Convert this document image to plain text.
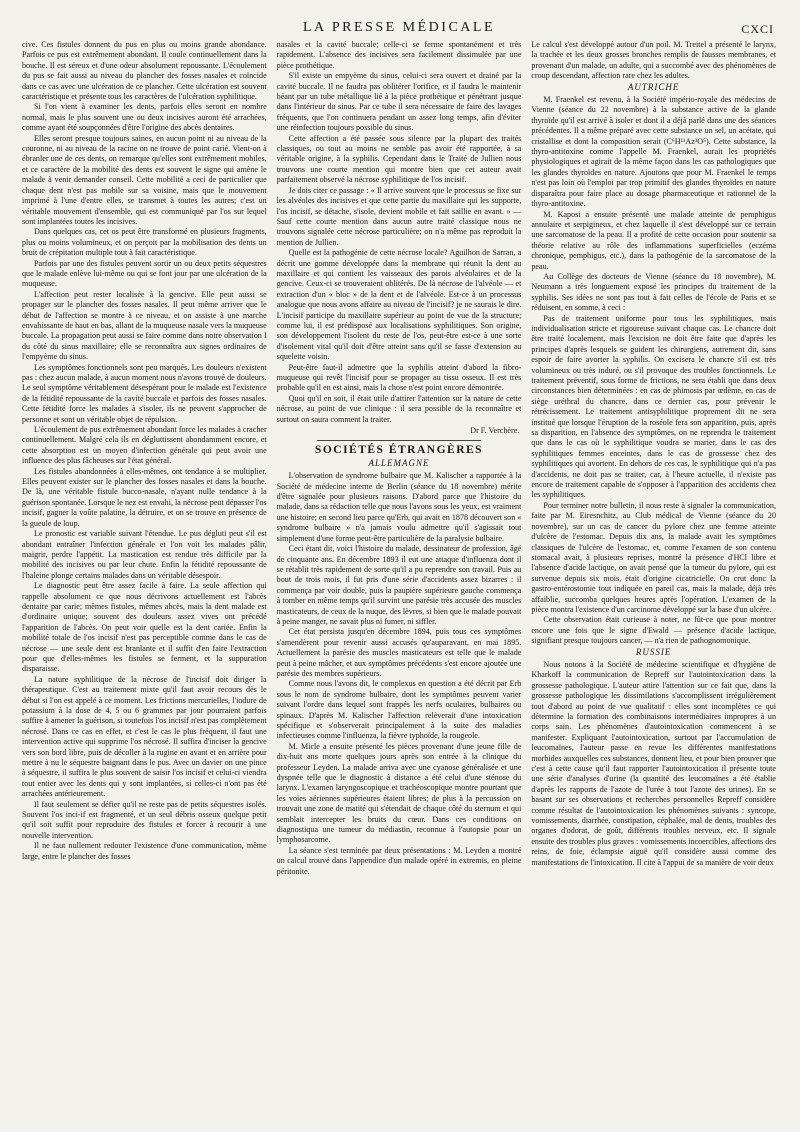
LA PRESSE MÉDICALE	CXCI

cive. Ces fistules donnent du pus en plus ou moins grande abondance. Parfois ce pus est extrêmement abondant. Il coule continuellement dans la bouche. Il est séreux et d'une odeur absolument repoussante. L'écoulement du pus se fait aussi au niveau du plancher des fosses nasales et coïncide dans ce cas avec une ulcération de ce plancher. Cette ulcération est souvent caractéristique et présente tous les caractères de l'ulcération syphilitique.

Si l'on vient à examiner les dents, parfois elles seront en nombre normal, mais le plus souvent une ou deux incisives auront été arrachées, comme ayant été soupçonnées d'être l'origine des abcès dentaires.

Elles seront presque toujours saines, en aucun point ni au niveau de la couronne, ni au niveau de la racine on ne trouve de point carié. Vient-on à ébranler une de ces dents, on remarque qu'elles sont extrêmement mobiles, et ce caractère de la mobilité des dents est souvent le signe qui amène le malade à venir demander conseil. Cette mobilité a ceci de particulier que chaque dent n'est pas mobile sur sa voisine, mais que le mouvement imprimé à l'une d'entre elles, se transmet à toutes les autres; c'est un véritable mouvement d'ensemble, qui est communiqué par l'os sur lequel sont implantées toutes les incisives.

Dans quelques cas, cet os peut être transformé en plusieurs fragments, plus ou moins volumineux, et on perçoit par la mobilisation des dents un bruit de crépitation multiple tout à fait caractéristique.

Parfois par une des fistules peuvent sortir un ou deux petits séquestres que le malade enlève lui-même ou qui se font jour par une ulcération de la muqueuse.

L'affection peut rester localisée à la gencive. Elle peut aussi se propager sur le plancher des fosses nasales. Il peut même arriver que le début de l'affection se montre à ce niveau, et on assiste à une marche envahissante de haut en bas, allant de la muqueuse nasale vers la muqueuse buccale. La propagation peut aussi se faire comme dans notre observation I du côté du sinus maxillaire; elle se reconnaîtra aux signes ordinaires de l'empyème du sinus.

Les symptômes fonctionnels sont peu marqués. Les douleurs n'existent pas : chez aucun malade, à aucun moment nous n'avons trouvé de douleurs. Le seul symptôme véritablement désespérant pour le malade est l'existence de la fétidité repoussante de la cavité buccale et parfois des fosses nasales. Cette fétidité force les malades à s'isoler, ils ne peuvent s'approcher de personne et sont un véritable objet de répulsion.

L'écoulement de pus extrêmement abondant force les malades à cracher continuellement. Malgré cela ils en dégluttissent abondamment encore, et cette absorption est un moyen d'infection générale qui peut avoir une influence des plus fâcheuses sur l'état général.

Les fistules abandonnées à elles-mêmes, ont tendance à se multiplier. Elles peuvent exister sur le plancher des fosses nasales et dans la bouche. De là, une véritable fistule bucco-nasale, n'ayant nulle tendance à la guérison spontanée. Lorsque le nez est envahi, la nécrose peut dépasser l'os incisif, gagner la voûte palatine, la détruire, et on se trouve en présence de la gueule de loup.

Le pronostic est variable suivant l'étendue. Le pus dégluti peut s'il est abondant entraîner l'infection générale et l'on voit les malades pâlir, maigrir, perdre l'appétit. La mastication est rendue très difficile par la mobilité des incisives ou par leur chute. Enfin la fétidité repoussante de l'haleine plonge certains malades dans un véritable désespoir.

Le diagnostic peut être assez facile à faire. La seule affection qui rappelle absolument ce que nous décrivons actuellement est l'abcès dentaire par carie; mêmes fistules, mêmes abcès, mais la dent malade est d'ordinaire unique; souvent des douleurs assez vives ont précédé l'apparition de l'abcès. On peut voir quelle est la dent cariée. Enfin la mobilité totale de l'os incisif n'est pas perceptible comme dans le cas de nécrose — une seule dent est branlante et il suffit d'en faire l'extraction pour que d'elles-mêmes les fistules se ferment, et la suppuration disparaisse.

La nature syphilitique de la nécrose de l'incisif doit diriger la thérapeutique. C'est au traitement mixte qu'il faut avoir recours dès le début si l'on est appelé à ce moment. Les frictions mercurielles, l'iodure de potassium à la dose de 4, 5 ou 6 grammes par jour pourraient parfois suffire à amener la guérison, si toutefois l'os incisif n'est pas complètement nécrosé. Dans ce cas en effet, et c'est le cas le plus fréquent, il faut une intervention active qui supprime l'os nécrosé. Il suffira d'inciser la gencive vers son bord libre, puis de décoller à la rugine en avant et en arrière pour mettre à nu le séquestre baignant dans le pus. Avec un davier on une pince à séquestre, il suffira le plus souvent de saisir l'os incisif et celui-ci viendra tout entier avec les dents qui y sont implantées, si celles-ci n'ont pas été arrachées antérieurement.

Il faut seulement se défier qu'il ne reste pas de petits séquestres isolés. Souvent l'os inci-if est fragmenté, et un seul débris osseux quelque petit qu'il soit suffit pour reproduire des fistules et forcer à recourir à une nouvelle intervention.

Il ne faut nullement redouter l'existence d'une communication, même large, entre le plancher des fosses

nasales et la cavité buccale; celle-ci se ferme spontanément et très rapidement. L'absence des incisives sera facilement dissimulée par une pièce prothétique.

S'il existe un empyème du sinus, celui-ci sera ouvert et drainé par la cavité buccale. Il ne faudra pas oblitérer l'orifice, et il faudra le maintenir béant par un tube métallique lié à la pièce prothétique et pénétrant jusque dans l'intérieur du sinus. Par ce tube il sera nécessaire de faire des lavages fréquents, que l'on continuera pendant un assez long temps, afin d'éviter une réinfection toujours possible du sinus.

Cette affection a été passée sous silence par la plupart des traités classiques, ou tout au moins ne semble pas avoir été rapportée, à sa véritable origine, à la syphilis. Cependant dans le Traité de Jullien nous trouvons une courte mention qui montre bien que cet auteur avait parfaitement observé la nécrose syphilitique de l'os incisif.

Je dois citer ce passage : « Il arrive souvent que le processus se fixe sur les alvéoles des incisives et que cette partie du maxillaire qui les supporte, l'os incisif, se détache, s'isole, devient mobile et fait saillie en avant. » — Sauf cette courte mention dans aucun autre traité classique nous ne trouvons signalée cette nécrose particulière; on n'a même pas reproduit la mention de Jullien.

Quelle est la pathogénie de cette nécrose locale? Aguilhon de Sarran, a décrit une gomme développée dans la membrane qui réunit la dent au maxillaire et qui contient les vaisseaux des parois alvéolaires et de la gencive. Ceux-ci se trouveraient oblitérés. De là nécrose de l'alvéole — et extraction d'un « bloc » de la dent et de l'alvéole. Est-ce à un processus analogue que nous avons affaire au niveau de l'incisif? je ne saurais le dire. L'incisif participe du maxillaire supérieur au point de vue de la structure; comme lui, il est prédisposé aux localisations syphilitiques. Son origine, son développement l'isolent du reste de l'os, peut-être est-ce à une sorte d'isolement vital qu'il doit d'être atteint sans qu'il se fasse d'extension au squelette voisin.

Peut-être faut-il admettre que la syphilis atteint d'abord la fibro-muqueuse qui revêt l'incisif pour se propager au tissu osseux. Il est très probable qu'il en est ainsi, mais la chose n'est point encore démontrée.

Quoi qu'il en soit, il était utile d'attirer l'attention sur la nature de cette nécrose, au point de vue clinique : il sera possible de la reconnaître et surtout on saura comment la traiter.

Dr F. Verchère.
SOCIÉTÉS ÉTRANGÈRES
ALLEMAGNE

L'observation de syndrome bulbaire que M. Kalischer a rapportée à la Société de médecine interne de Berlin (séance du 18 novembre) mérite d'être signalée pour plusieurs raisons. D'abord parce que l'histoire du malade, dans sa rédaction telle que nous l'avons sous les yeux, est vraiment une histoire; en second lieu parce qu'Erb, qui avait en 1878 découvert son « syndrome bulbaire » n'a jamais voulu admettre qu'il s'agissait tout simplement d'une forme peut-être particulière de la paralysie bulbaire.

Ceci étant dit, voici l'histoire du malade, dessinateur de profession, âgé de cinquante ans. En décembre 1893 il eut une attaque d'influenza dont il se rétablit très rapidement de sorte qu'il a pu reprendre son travail. Puis au bout de trois mois, il fut pris d'une série d'accidents assez bizarres : il commença par voir double, puis la paupière supérieure gauche commença à tomber en même temps qu'il survint une parésie très accusée des muscles masticateurs, de ceux de la nuque, des lèvres, si bien que le malade pouvait à peine manger, ne savait plus ni fumer, ni siffler.

Cet état persista jusqu'en décembre 1894, puis tous ces symptômes s'amendèrent pour revenir aussi accusés qu'auparavant, en mai 1895. Actuellement la parésie des muscles masticateurs est telle que le malade peut à peine mâcher, et aux symptômes précédents s'est encore ajoutée une parésie des membres supérieurs.

Comme nous l'avons dit, le complexus en question a été décrit par Erb sous le nom de syndrome bulbaire, dont les symptômes peuvent varier suivant l'ordre dans lequel sont frappés les nerfs oculaires, bulbaires ou spinaux. D'après M. Kalischer l'affection relèverait d'une intoxication spécifique et s'observerait principalement à la suite des maladies infectieuses comme l'influenza, la fièvre typhoïde, la rougeole.

M. Micle a ensuite présenté les pièces provenant d'une jeune fille de dix-huit ans morte quelques jours après son entrée à la clinique du professeur Leyden. La malade arriva avec une cyanose généralisée et une dyspnée telle que le diagnostic à distance a été celui d'une sténose du larynx. L'examen laryngoscopique et trachéoscopique montre pourtant que les voies aériennes supérieures étaient libres; de plus à la percussion on trouvait une zone de matité qui s'étendait de chaque côté du sternum et qui semblait intercepter les bruits du cœur. Dans ces conditions on diagnostiqua une tumeur du médiastin, reconnue à l'autopsie pour un lymphosarcome.

La séance s'est terminée par deux présentations : M. Leyden a montré un calcul trouvé dans l'appendice d'un malade opéré in extremis, en pleine péritonite.

Le calcul s'est développé autour d'un poil. M. Treitel a présenté le larynx, la trachée et les deux grosses bronches remplis de fausses membranes, et provenant d'un malade, un adulte, qui a succombé avec des phénomènes de croup descendant, affection rare chez les adultes.

AUTRICHE

M. Fraenkel est revenu, à la Société império-royale des médecins de Vienne (séance du 22 novembre) à la substance active de la glande thyroïde qu'il est arrivé à isoler et dont il a déjà parlé dans une des séances précédentes. Il a même préparé avec cette substance un sel, un acétate, qui cristallise et dont la composition serait (C⁶H¹¹Az³O⁵). Cette substance, la thyro-antitoxine comme l'appelle M. Fraenkel, aurait les propriétés physiologiques et agirait de la même façon dans les cas pathologiques que les glandes thyroïdes en nature. Ajoutons que pour M. Fraenkel le temps n'est pas loin où l'emploi par trop primitif des glandes thyroïdes en nature disparaîtra pour faire place au dosage pharmaceutique et rationnel de la thyro-antitoxine.

M. Kaposi a ensuite présenté une malade atteinte de pemphigus annulaire et serpigineux, et chez laquelle il s'est développé sur ce terrain une sarcomatose de la peau. Il a profité de cette occasion pour soutenir sa théorie relative au rôle des inflammations superficielles (eczéma chronique, pemphigus, etc.), dans la pathogénie de la sarcomatose de la peau.

Au Collège des docteurs de Vienne (séance du 18 novembre), M. Neumann a très longuement exposé les principes du traitement de la syphilis. Ses idées ne sont pas tout à fait celles de l'école de Paris et se réduisent, en somme, à ceci :

Pas de traitement uniforme pour tous les syphilitiques, mais individualisation stricte et rigoureuse suivant chaque cas. Le chancre doit être traité localement, mais l'excision ne doit être faite que d'après les principes d'après lesquels se guident les chirurgiens, autrement dit, sans espoir de faire avorter la syphilis. On excisera le chancre s'il est très volumineux ou très induré, ou s'il provoque des troubles fonctionnels. Le traitement préventif, sous forme de frictions, ne sera établi que dans deux circonstances bien déterminées : en cas de phimosis par œdème, en cas de siège uréthral du chancre, dans ce dernier cas, pour prévenir le rétrécissement. Le traitement antisyphilitique proprement dit ne sera institué que lorsque l'éruption de la roséole fera son apparition, puis, après sa disparition, en l'absence des symptômes, on ne reprendra le traitement que dans le cas où le syphilitique voudra se marier, dans le cas des syphilitiques femmes enceintes, dans le cas de grossesse chez des syphilitiques qui avortent. En dehors de ces cas, le syphilitique qui n'a pas d'accidents, ne doit pas se traiter, car, à l'heure actuelle, il n'existe pas encore de traitement capable de s'opposer à l'apparition des accidents chez les syphilitiques.

Pour terminer notre bulletin, il nous reste à signaler la communication, faite par M. Eiresnchitz, au Club médical de Vienne (séance du 20 novembre), sur un cas de cancer du pylore chez une femme atteinte d'ulcère de l'estomac. Depuis dix ans, la malade avait les symptômes classiques de l'ulcère de l'estomac, et, comme l'examen de son contenu stomacal avait, à plusieurs reprises, montré la présence d'HCl libre et l'absence d'acide lactique, on avait pensé que la tumeur du pylore, qui est survenue depuis six mois, était d'origine cicatricielle. On crut donc la gastro-entérostomie tout indiquée en pareil cas, mais la malade, déjà très affaiblie, succomba quelques heures après l'opération. L'examen de la pièce montra l'existence d'un carcinome développé sur la base d'un ulcère.

Cette observation était curieuse à noter, ne fût-ce que pour montrer encore une fois que le signe d'Ewald — présence d'acide lactique, signifiant presque toujours cancer, — n'a rien de pathognomonique.

RUSSIE

Nous notons à la Société de médecine scientifique et d'hygiène de Kharkoff la communication de Repreff sur l'autointoxication dans la grossesse pathologique. L'auteur attire l'attention sur ce fait que, dans la grossesse pathologique les dissimilations s'accomplissent irrégulièrement tout d'abord au point de vue qualitatif : elles sont incomplètes ce qui détermine la formation des combinaisons intermédiaires impropres à un corps sain. Les phénomènes d'autointoxication commencent à se manifester. Expliquant l'autointoxication, surtout par l'accumulation de leucomaïnes, l'auteur passe en revue les différentes manifestations morbides auxquelles ces substances, donnent lieu, et pour bien prouver que c'est à cette cause qu'il faut rapporter l'autointoxication il présente toute une série d'analyses d'urine (la quantité des leucomaïnes a été établie d'après les rapports de l'azote de l'urée à tout l'azote des urines). En se basant sur ses observations et recherches personnelles Repreff considère comme résultat de l'autointoxication les phénomènes suivants : syncope, vomissements, diarrhée, constipation, céphalée, mal de dents, troubles des organes d'odorat, de goût, différents troubles nerveux, etc. Il signale ensuite des troubles plus graves : vomissements incoercibles, affections des reins, de foie, éclampsie aiguë qu'il considère aussi comme des manifestations de l'intoxication. Il cite à l'appui de sa manière de voir deux
